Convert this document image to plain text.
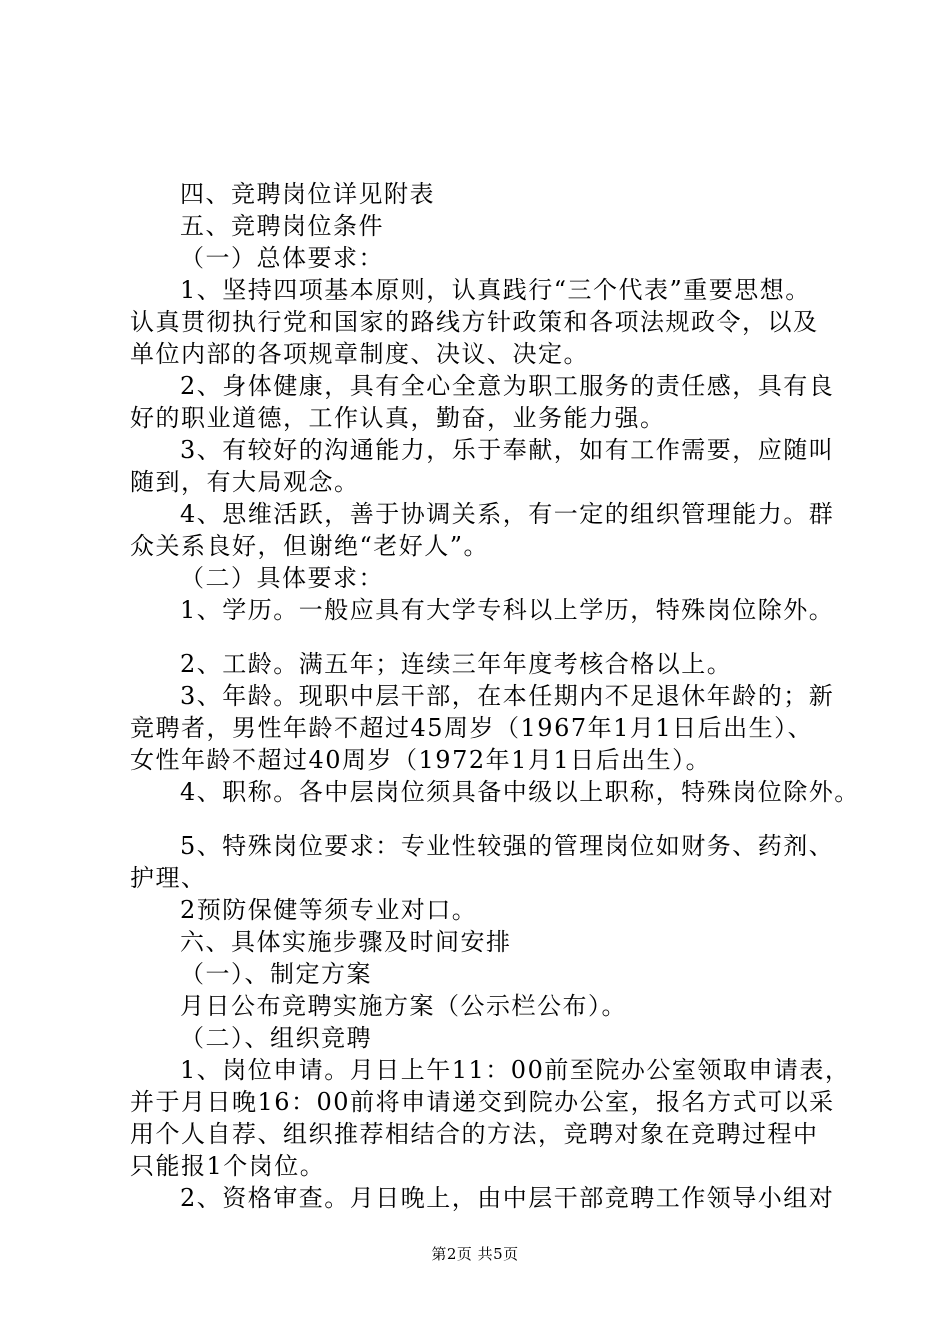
四、竞聘岗位详见附表
五、竞聘岗位条件
（一）总体要求：
1、坚持四项基本原则，认真践行“三个代表”重要思想。
认真贯彻执行党和国家的路线方针政策和各项法规政令，以及
单位内部的各项规章制度、决议、决定。
2、身体健康，具有全心全意为职工服务的责任感，具有良
好的职业道德，工作认真，勤奋，业务能力强。
3、有较好的沟通能力，乐于奉献，如有工作需要，应随叫
随到，有大局观念。
4、思维活跃，善于协调关系，有一定的组织管理能力。群
众关系良好，但谢绝“老好人”。
（二）具体要求：
1、学历。一般应具有大学专科以上学历，特殊岗位除外。
2、工龄。满五年；连续三年年度考核合格以上。
3、年龄。现职中层干部，在本任期内不足退休年龄的；新
竞聘者，男性年龄不超过45周岁（1967年1月1日后出生）、
女性年龄不超过40周岁（1972年1月1日后出生）。
4、职称。各中层岗位须具备中级以上职称，特殊岗位除外。
5、特殊岗位要求：专业性较强的管理岗位如财务、药剂、
护理、
2预防保健等须专业对口。
六、具体实施步骤及时间安排
（一）、制定方案
月日公布竞聘实施方案（公示栏公布）。
（二）、组织竞聘
1、岗位申请。月日上午11：00前至院办公室领取申请表，
并于月日晚16：00前将申请递交到院办公室，报名方式可以采
用个人自荐、组织推荐相结合的方法，竞聘对象在竞聘过程中
只能报1个岗位。
2、资格审查。月日晚上，由中层干部竞聘工作领导小组对
第2页 共5页
